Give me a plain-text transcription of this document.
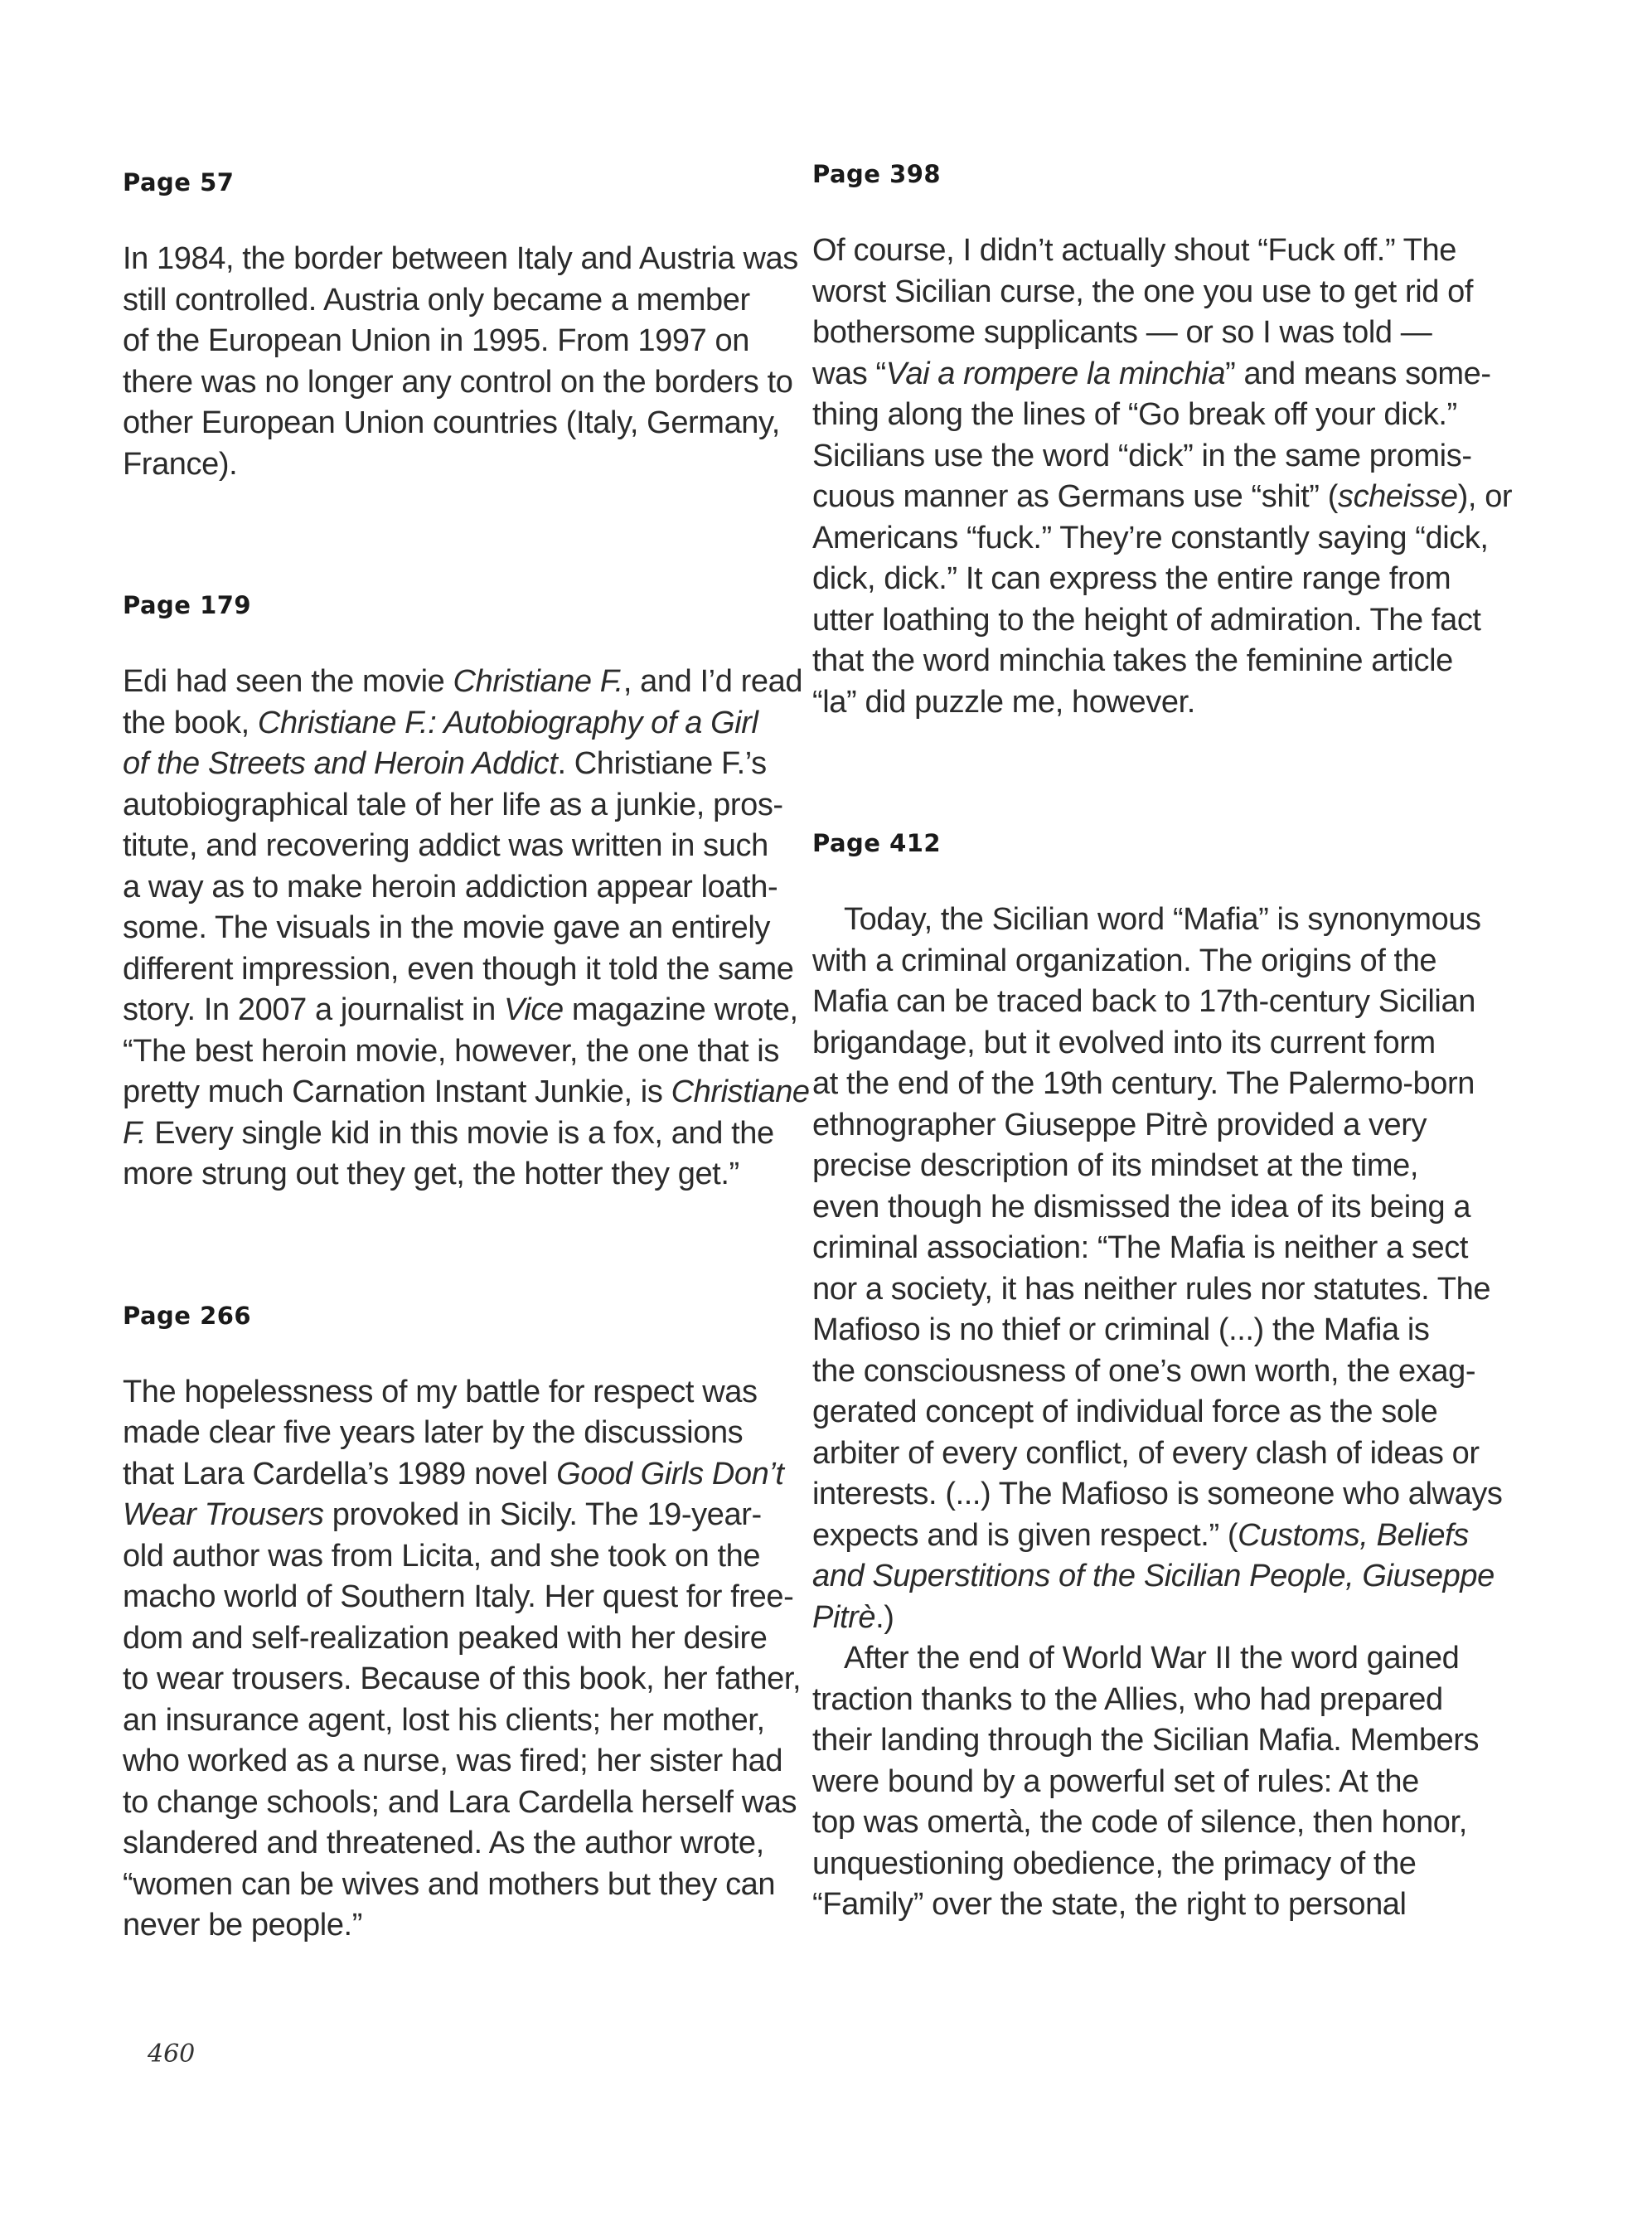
Page 57
In 1984, the border between Italy and Austria was
still controlled. Austria only became a member
of the European Union in 1995. From 1997 on
there was no longer any control on the borders to
other European Union countries (Italy, Germany,
France).
Page 179
Edi had seen the movie Christiane F., and I’d read
the book, Christiane F.: Autobiography of a Girl
of the Streets and Heroin Addict. Christiane F.’s
autobiographical tale of her life as a junkie, pros-
titute, and recovering addict was written in such
a way as to make heroin addiction appear loath-
some. The visuals in the movie gave an entirely
different impression, even though it told the same
story. In 2007 a journalist in Vice magazine wrote,
“The best heroin movie, however, the one that is
pretty much Carnation Instant Junkie, is Christiane
F. Every single kid in this movie is a fox, and the
more strung out they get, the hotter they get.”
Page 266
The hopelessness of my battle for respect was
made clear five years later by the discussions
that Lara Cardella’s 1989 novel Good Girls Don’t
Wear Trousers provoked in Sicily. The 19-year-
old author was from Licita, and she took on the
macho world of Southern Italy. Her quest for free-
dom and self-realization peaked with her desire
to wear trousers. Because of this book, her father,
an insurance agent, lost his clients; her mother,
who worked as a nurse, was fired; her sister had
to change schools; and Lara Cardella herself was
slandered and threatened. As the author wrote,
“women can be wives and mothers but they can
never be people.”
Page 398
Of course, I didn’t actually shout “Fuck off.” The
worst Sicilian curse, the one you use to get rid of
bothersome supplicants — or so I was told —
was “Vai a rompere la minchia” and means some-
thing along the lines of “Go break off your dick.”
Sicilians use the word “dick” in the same promis-
cuous manner as Germans use “shit” (scheisse), or
Americans “fuck.” They’re constantly saying “dick,
dick, dick.” It can express the entire range from
utter loathing to the height of admiration. The fact
that the word minchia takes the feminine article
“la” did puzzle me, however.
Page 412
Today, the Sicilian word “Mafia” is synonymous
with a criminal organization. The origins of the
Mafia can be traced back to 17th-century Sicilian
brigandage, but it evolved into its current form
at the end of the 19th century. The Palermo-born
ethnographer Giuseppe Pitrè provided a very
precise description of its mindset at the time,
even though he dismissed the idea of its being a
criminal association: “The Mafia is neither a sect
nor a society, it has neither rules nor statutes. The
Mafioso is no thief or criminal (...) the Mafia is
the consciousness of one’s own worth, the exag-
gerated concept of individual force as the sole
arbiter of every conflict, of every clash of ideas or
interests. (...) The Mafioso is someone who always
expects and is given respect.” (Customs, Beliefs
and Superstitions of the Sicilian People, Giuseppe
Pitrè.)
After the end of World War II the word gained
traction thanks to the Allies, who had prepared
their landing through the Sicilian Mafia. Members
were bound by a powerful set of rules: At the
top was omertà, the code of silence, then honor,
unquestioning obedience, the primacy of the
“Family” over the state, the right to personal
460
